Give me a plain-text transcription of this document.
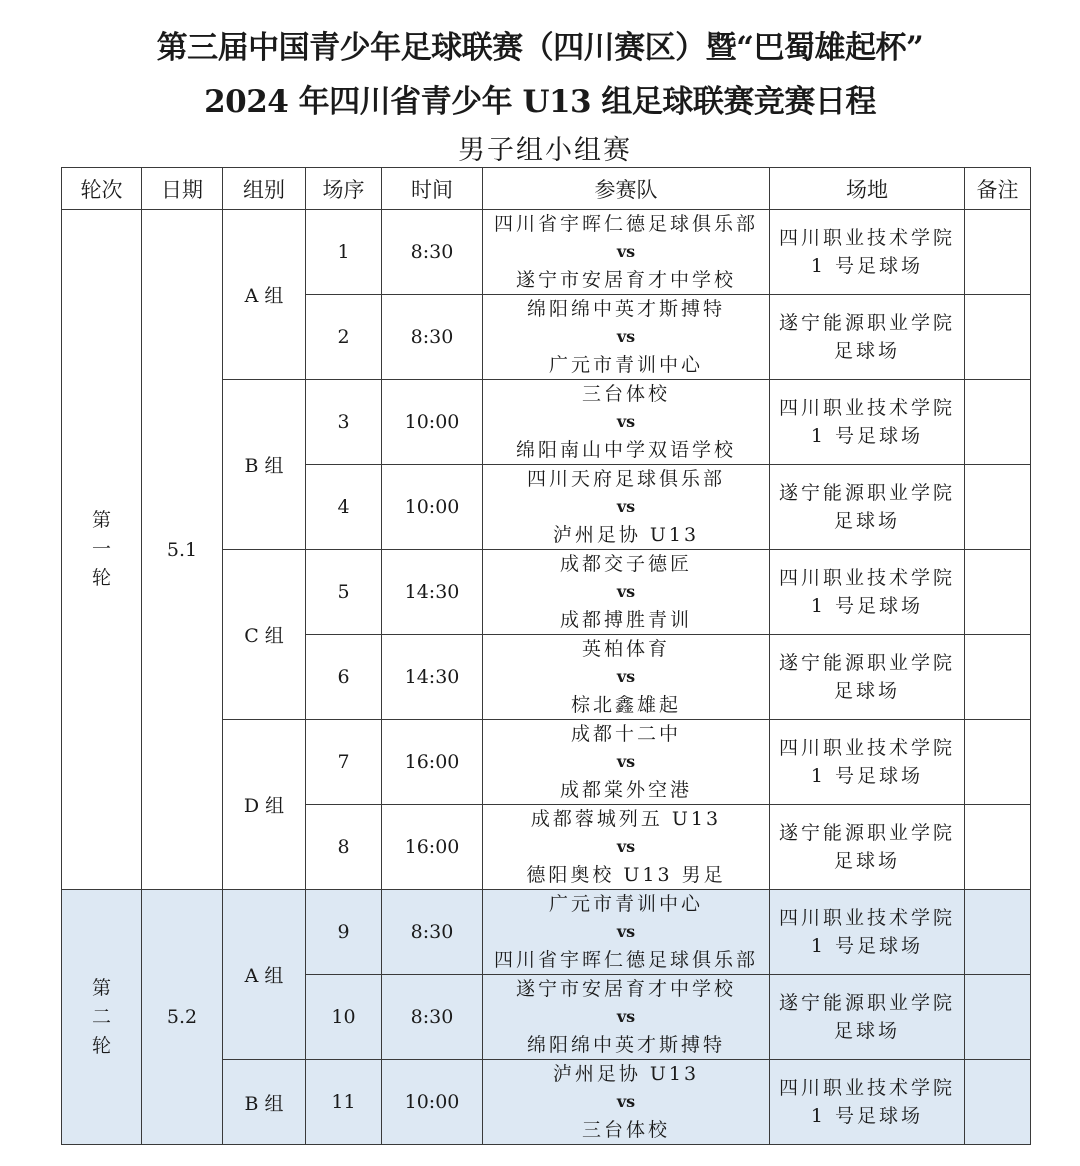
第三届中国青少年足球联赛（四川赛区）暨“巴蜀雄起杯”
2024 年四川省青少年 U13 组足球联赛竞赛日程
男子组小组赛
轮次	日期	组别	场序	时间	参赛队	场地	备注
第
一
轮	5.1	A 组	1	8:30	四川省宇晖仁德足球俱乐部
vs
遂宁市安居育才中学校	四川职业技术学院
1 号足球场	
			2	8:30	绵阳绵中英才斯搏特
vs
广元市青训中心	遂宁能源职业学院
足球场	
		B 组	3	10:00	三台体校
vs
绵阳南山中学双语学校	四川职业技术学院
1 号足球场	
			4	10:00	四川天府足球俱乐部
vs
泸州足协 U13	遂宁能源职业学院
足球场	
		C 组	5	14:30	成都交子德匠
vs
成都搏胜青训	四川职业技术学院
1 号足球场	
			6	14:30	英柏体育
vs
棕北鑫雄起	遂宁能源职业学院
足球场	
		D 组	7	16:00	成都十二中
vs
成都棠外空港	四川职业技术学院
1 号足球场	
			8	16:00	成都蓉城列五 U13
vs
德阳奥校 U13 男足	遂宁能源职业学院
足球场	
第
二
轮	5.2	A 组	9	8:30	广元市青训中心
vs
四川省宇晖仁德足球俱乐部	四川职业技术学院
1 号足球场	
			10	8:30	遂宁市安居育才中学校
vs
绵阳绵中英才斯搏特	遂宁能源职业学院
足球场	
		B 组	11	10:00	泸州足协 U13
vs
三台体校	四川职业技术学院
1 号足球场	
